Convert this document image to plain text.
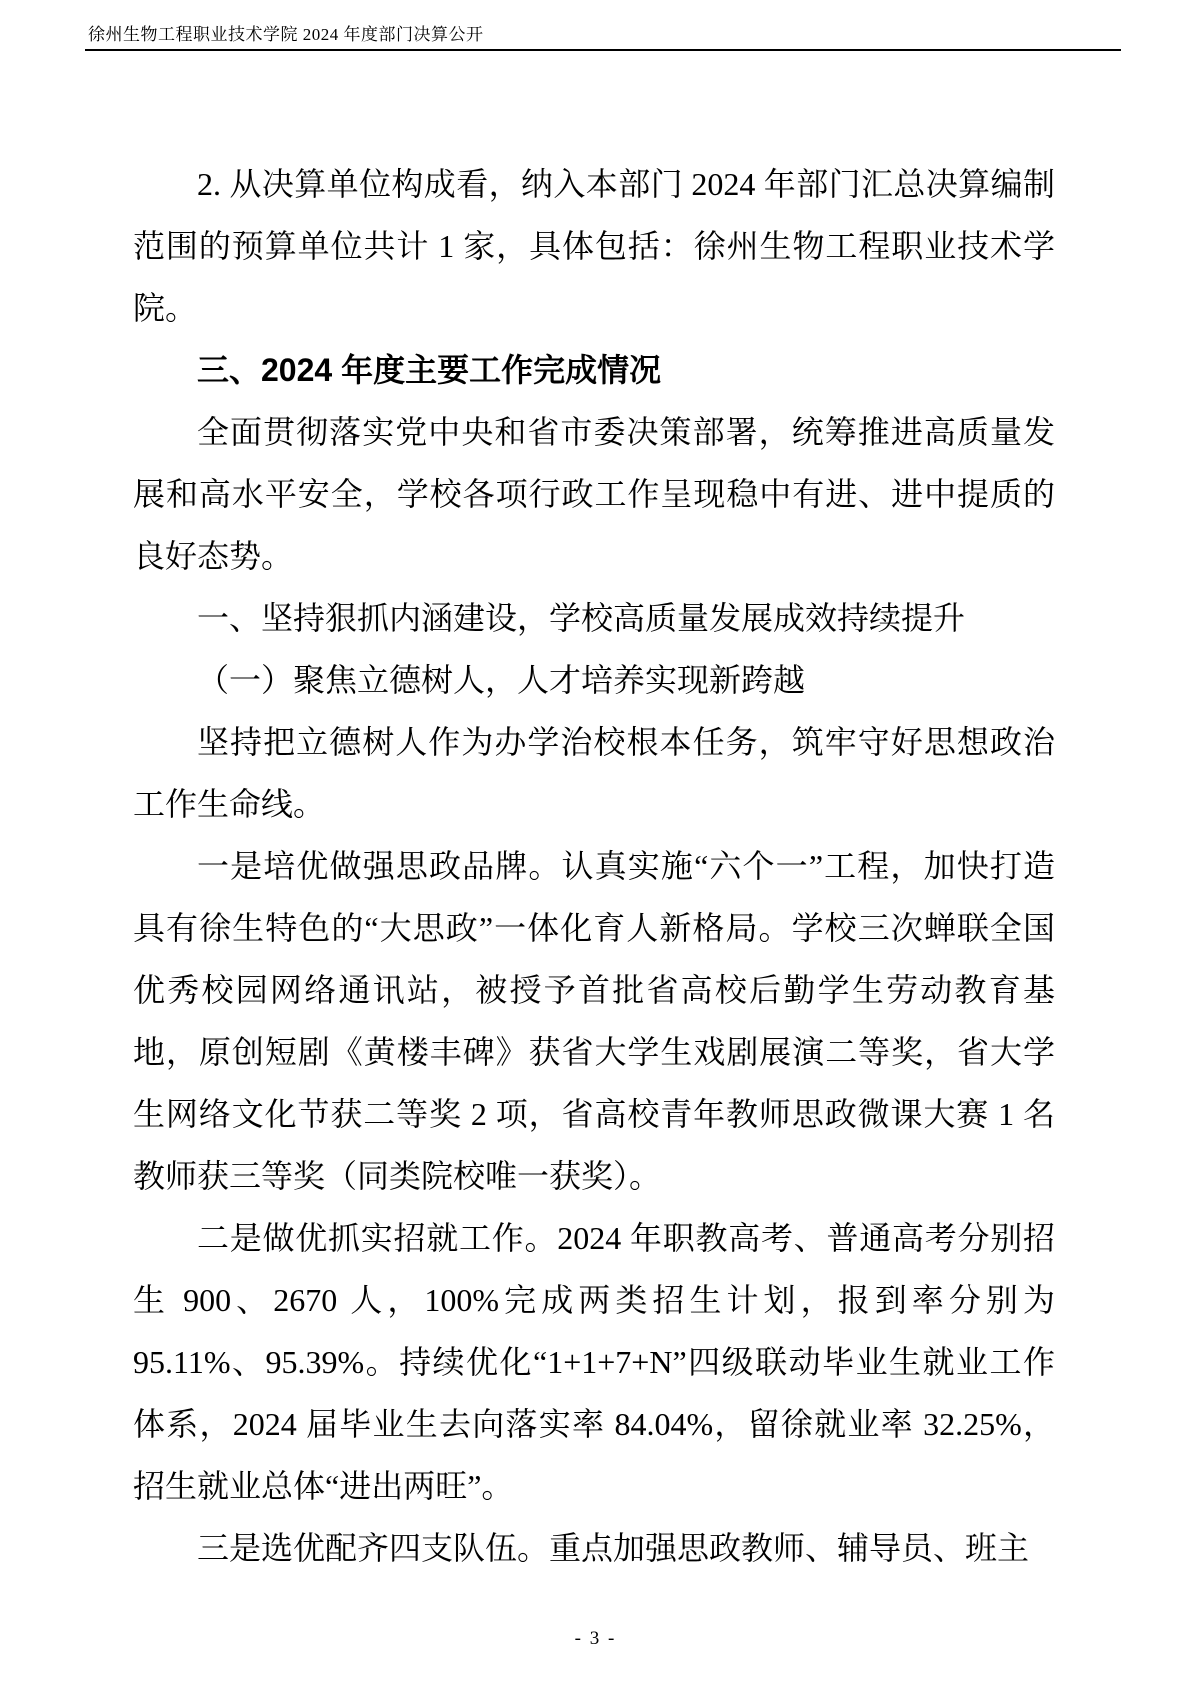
徐州生物工程职业技术学院 2024 年度部门决算公开

2. 从决算单位构成看，纳入本部门 2024 年部门汇总决算编制范围的预算单位共计 1 家，具体包括：徐州生物工程职业技术学院。

三、2024 年度主要工作完成情况

全面贯彻落实党中央和省市委决策部署，统筹推进高质量发展和高水平安全，学校各项行政工作呈现稳中有进、进中提质的良好态势。

一、坚持狠抓内涵建设，学校高质量发展成效持续提升

（一）聚焦立德树人，人才培养实现新跨越

坚持把立德树人作为办学治校根本任务，筑牢守好思想政治工作生命线。

一是培优做强思政品牌。认真实施“六个一”工程，加快打造具有徐生特色的“大思政”一体化育人新格局。学校三次蝉联全国优秀校园网络通讯站，被授予首批省高校后勤学生劳动教育基地，原创短剧《黄楼丰碑》获省大学生戏剧展演二等奖，省大学生网络文化节获二等奖 2 项，省高校青年教师思政微课大赛 1 名教师获三等奖（同类院校唯一获奖）。

二是做优抓实招就工作。2024 年职教高考、普通高考分别招生 900、2670 人，100%完成两类招生计划，报到率分别为 95.11%、95.39%。持续优化“1+1+7+N”四级联动毕业生就业工作体系，2024 届毕业生去向落实率 84.04%，留徐就业率 32.25%，招生就业总体“进出两旺”。

三是选优配齐四支队伍。重点加强思政教师、辅导员、班主

- 3 -
